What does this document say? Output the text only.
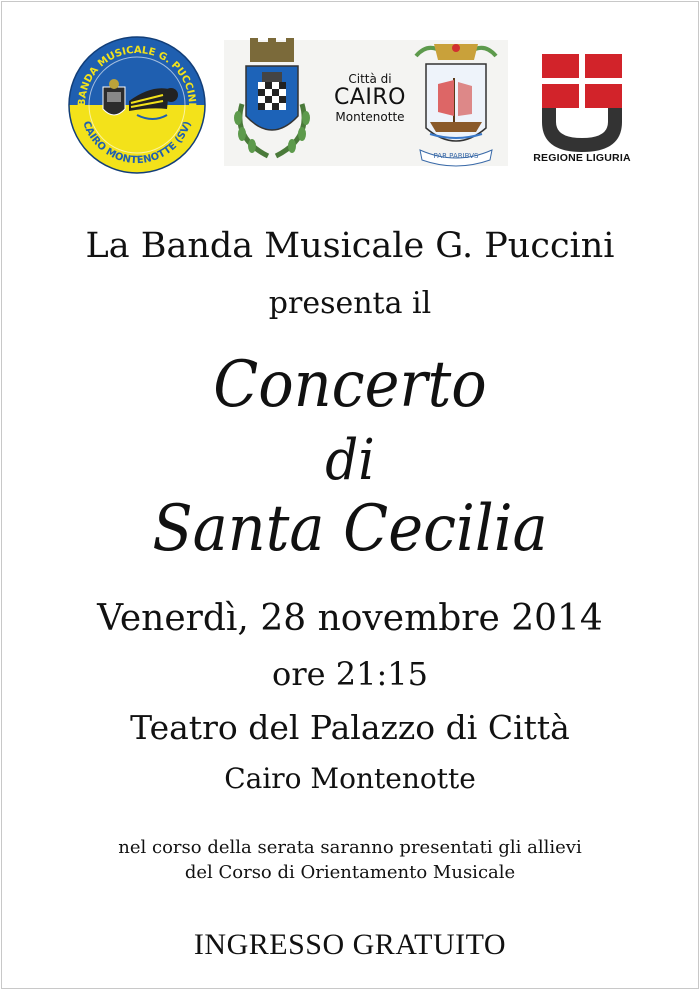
BANDA MUSICALE G. PUCCINI
CAIRO MONTENOTTE (SV)
Città di
CAIRO
Montenotte
PAR PARIBVS	REGIONE LIGURIA
La Banda Musicale G. Puccini
presenta il
Concerto
di
Santa Cecilia
Venerdì, 28 novembre 2014
ore 21:15
Teatro del Palazzo di Città
Cairo Montenotte
nel corso della serata saranno presentati gli allievi
del Corso di Orientamento Musicale
INGRESSO GRATUITO
